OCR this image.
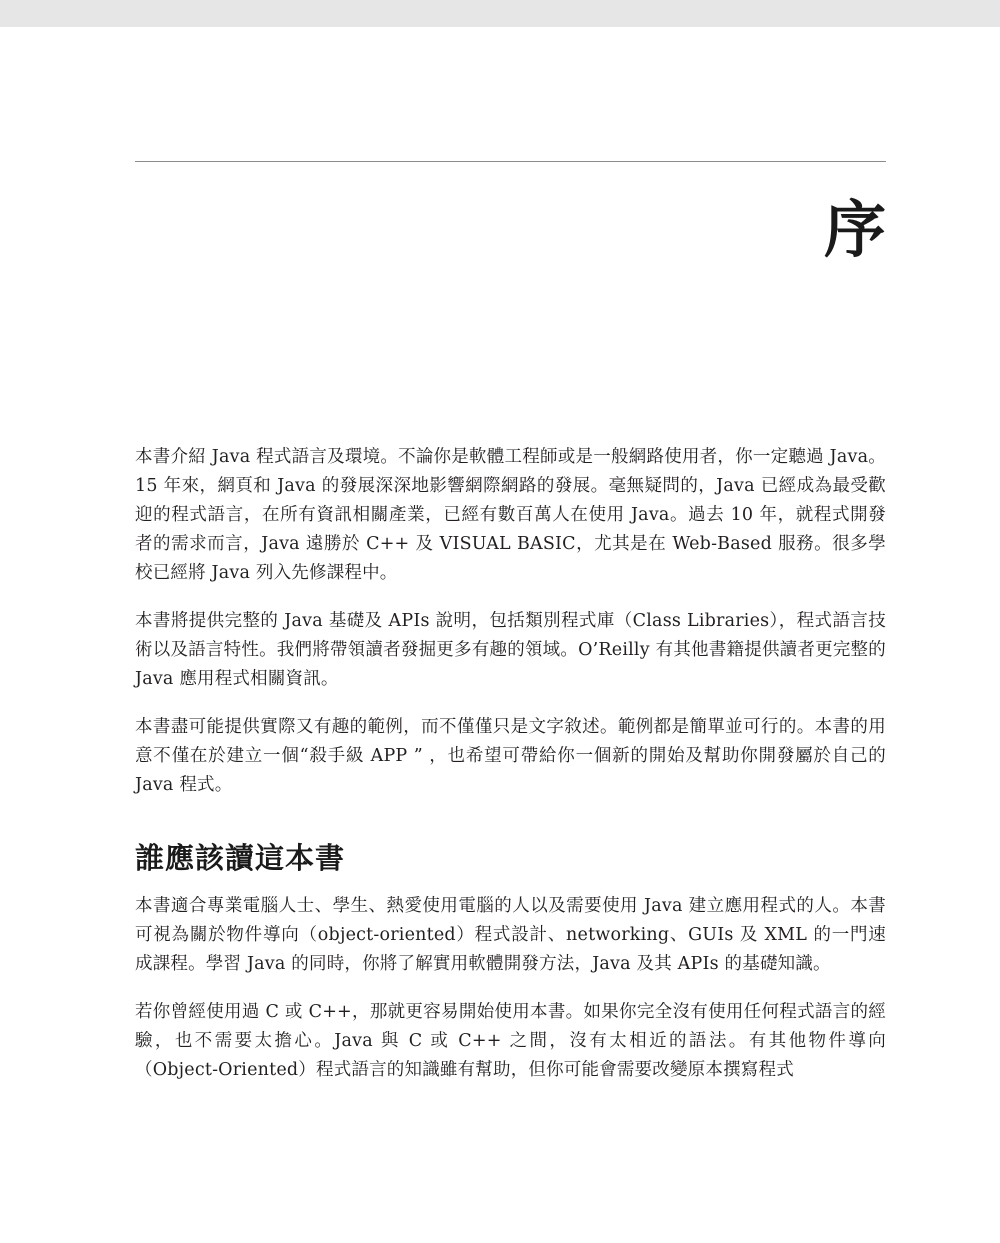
序

本書介紹 Java 程式語言及環境。不論你是軟體工程師或是一般網路使用者，你一定聽過 Java。15 年來，網頁和 Java 的發展深深地影響網際網路的發展。毫無疑問的，Java 已經成為最受歡迎的程式語言，在所有資訊相關產業，已經有數百萬人在使用 Java。過去 10 年，就程式開發者的需求而言，Java 遠勝於 C++ 及 VISUAL BASIC，尤其是在 Web-Based 服務。很多學校已經將 Java 列入先修課程中。

本書將提供完整的 Java 基礎及 APIs 說明，包括類別程式庫（Class Libraries），程式語言技術以及語言特性。我們將帶領讀者發掘更多有趣的領域。O’Reilly 有其他書籍提供讀者更完整的 Java 應用程式相關資訊。

本書盡可能提供實際又有趣的範例，而不僅僅只是文字敘述。範例都是簡單並可行的。本書的用意不僅在於建立一個“殺手級 APP ” ，也希望可帶給你一個新的開始及幫助你開發屬於自己的 Java 程式。

誰應該讀這本書

本書適合專業電腦人士、學生、熱愛使用電腦的人以及需要使用 Java 建立應用程式的人。本書可視為關於物件導向（object-oriented）程式設計、networking、GUIs 及 XML 的一門速成課程。學習 Java 的同時，你將了解實用軟體開發方法，Java 及其 APIs 的基礎知識。

若你曾經使用過 C 或 C++，那就更容易開始使用本書。如果你完全沒有使用任何程式語言的經驗，也不需要太擔心。Java 與 C 或 C++ 之間，沒有太相近的語法。有其他物件導向（Object-Oriented）程式語言的知識雖有幫助，但你可能會需要改變原本撰寫程式
